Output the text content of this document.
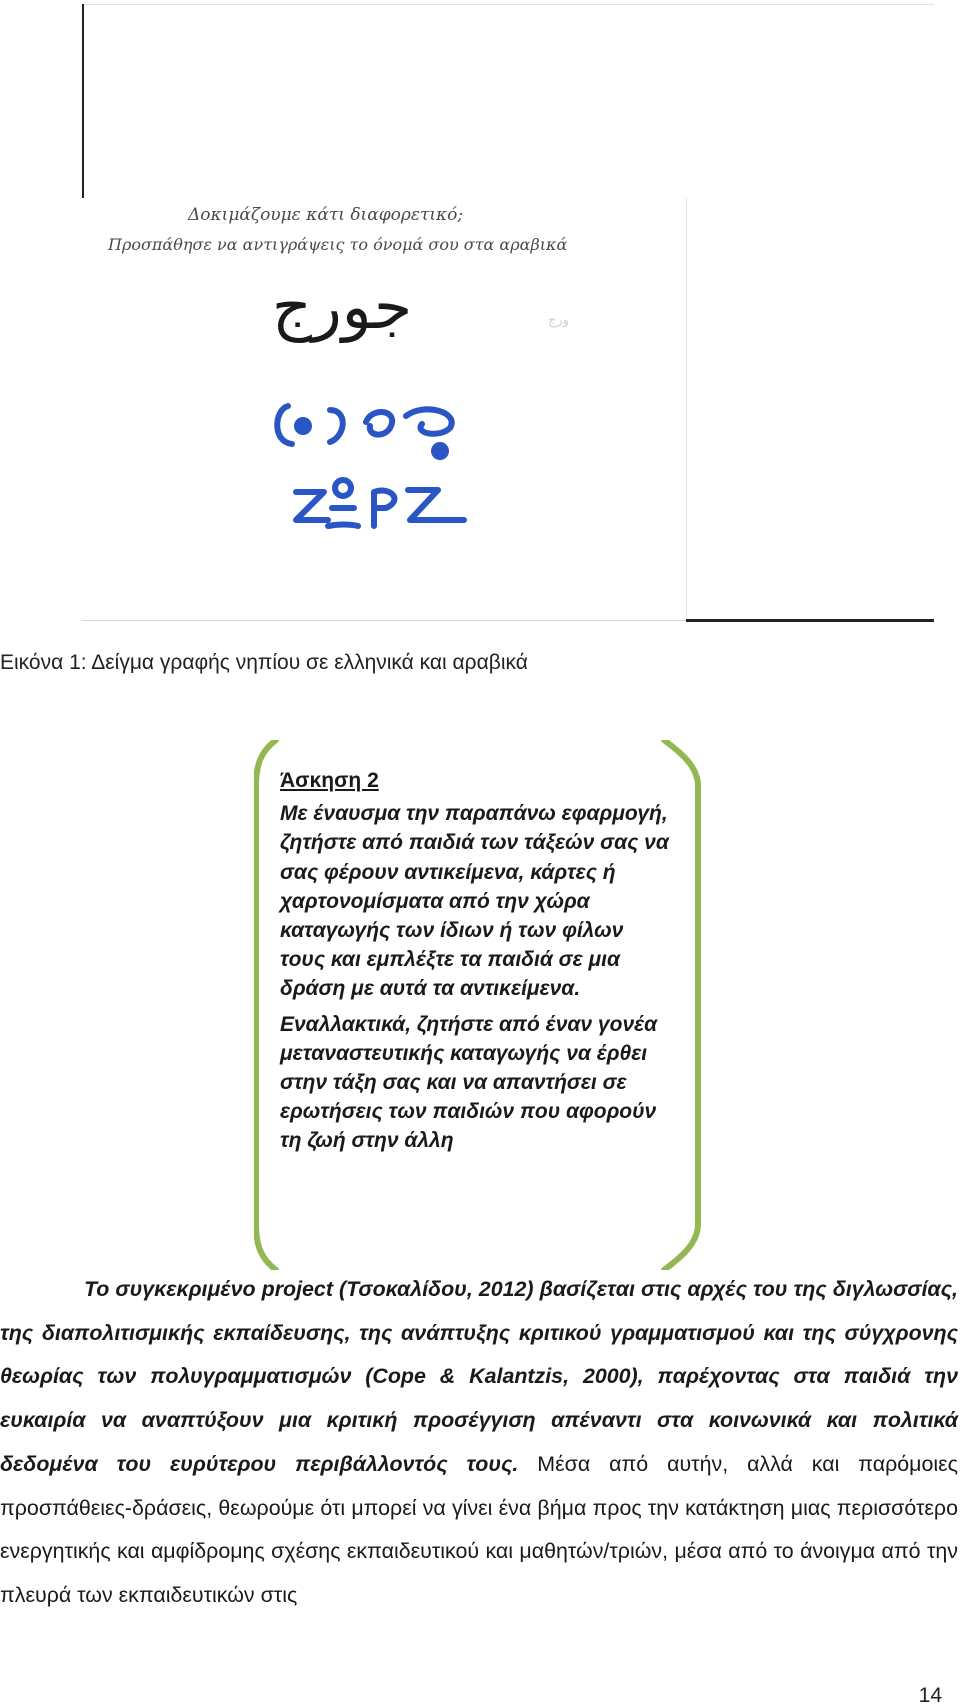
Δοκιμάζουμε κάτι διαφορετικό;
Προσπάθησε να αντιγράψεις το όνομά σου στα αραβικά
جورج	ورج
ZOPZ
Εικόνα 1: Δείγμα γραφής νηπίου σε ελληνικά και αραβικά
Άσκηση 2

Με έναυσμα την παραπάνω εφαρμογή, ζητήστε από παιδιά των τάξεών σας να σας φέρουν αντικείμενα, κάρτες ή χαρτονομίσματα από την χώρα καταγωγής των ίδιων ή των φίλων τους και εμπλέξτε τα παιδιά σε μια δράση με αυτά τα αντικείμενα.

Εναλλακτικά, ζητήστε από έναν γονέα μεταναστευτικής καταγωγής να έρθει στην τάξη σας και να απαντήσει σε ερωτήσεις των παιδιών που αφορούν τη ζωή στην άλλη

Το συγκεκριμένο project (Τσοκαλίδου, 2012) βασίζεται στις αρχές του της διγλωσσίας, της διαπολιτισμικής εκπαίδευσης, της ανάπτυξης κριτικού γραμματισμού και της σύγχρονης θεωρίας των πολυγραμματισμών (Cope & Kalantzis, 2000), παρέχοντας στα παιδιά την ευκαιρία να αναπτύξουν μια κριτική προσέγγιση απέναντι στα κοινωνικά και πολιτικά δεδομένα του ευρύτερου περιβάλλοντός τους. Μέσα από αυτήν, αλλά και παρόμοιες προσπάθειες-δράσεις, θεωρούμε ότι μπορεί να γίνει ένα βήμα προς την κατάκτηση μιας περισσότερο ενεργητικής και αμφίδρομης σχέσης εκπαιδευτικού και μαθητών/τριών, μέσα από το άνοιγμα από την πλευρά των εκπαιδευτικών στις

14
